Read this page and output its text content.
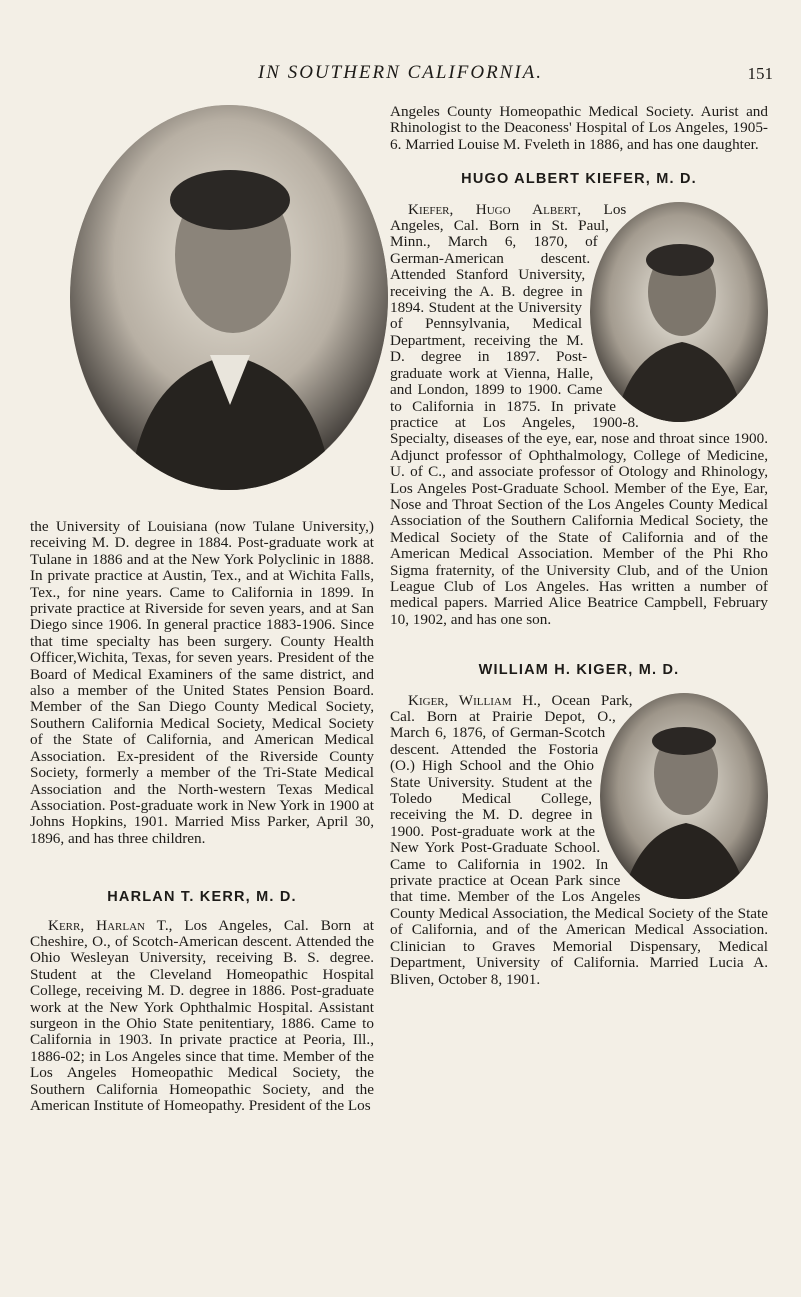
IN SOUTHERN CALIFORNIA.	151

the University of Louisiana (now Tulane University,) receiving M. D. degree in 1884. Post-graduate work at Tulane in 1886 and at the New York Polyclinic in 1888. In private practice at Austin, Tex., and at Wichita Falls, Tex., for nine years. Came to California in 1899. In private practice at Riverside for seven years, and at San Diego since 1906. In general practice 1883-1906. Since that time specialty has been surgery. County Health Officer,Wichita, Texas, for seven years. President of the Board of Medical Examiners of the same district, and also a member of the United States Pension Board. Member of the San Diego County Medical Society, Southern California Medical Society, Medical Society of the State of California, and American Medical Association. Ex-president of the Riverside County Society, formerly a member of the Tri-State Medical Association and the North-western Texas Medical Association. Post-graduate work in New York in 1900 at Johns Hopkins, 1901. Married Miss Parker, April 30, 1896, and has three children.

HARLAN T. KERR, M. D.

Kerr, Harlan T., Los Angeles, Cal. Born at Cheshire, O., of Scotch-American descent. Attended the Ohio Wesleyan University, receiving B. S. degree. Student at the Cleveland Homeopathic Hospital College, receiving M. D. degree in 1886. Post-graduate work at the New York Ophthalmic Hospital. Assistant surgeon in the Ohio State penitentiary, 1886. Came to California in 1903. In private practice at Peoria, Ill., 1886-02; in Los Angeles since that time. Member of the Los Angeles Homeopathic Medical Society, the Southern California Homeopathic Society, and the American Institute of Homeopathy. President of the Los

Angeles County Homeopathic Medical Society. Aurist and Rhinologist to the Deaconess' Hospital of Los Angeles, 1905-6. Married Louise M. Fveleth in 1886, and has one daughter.

HUGO ALBERT KIEFER, M. D.

Kiefer, Hugo Albert, Los Angeles, Cal. Born in St. Paul, Minn., March 6, 1870, of German-American descent. Attended Stanford University, receiving the A. B. degree in 1894. Student at the University of Pennsylvania, Medical Department, receiving the M. D. degree in 1897. Post-graduate work at Vienna, Halle, and London, 1899 to 1900. Came to California in 1875. In private practice at Los Angeles, 1900-8. Specialty, diseases of the eye, ear, nose and throat since 1900. Adjunct professor of Ophthalmology, College of Medicine, U. of C., and associate professor of Otology and Rhinology, Los Angeles Post-Graduate School. Member of the Eye, Ear, Nose and Throat Section of the Los Angeles County Medical Association of the Southern California Medical Society, the Medical Society of the State of California and of the American Medical Association. Member of the Phi Rho Sigma fraternity, of the University Club, and of the Union League Club of Los Angeles. Has written a number of medical papers. Married Alice Beatrice Campbell, February 10, 1902, and has one son.

WILLIAM H. KIGER, M. D.

Kiger, William H., Ocean Park, Cal. Born at Prairie Depot, O., March 6, 1876, of German-Scotch descent. Attended the Fostoria (O.) High School and the Ohio State University. Student at the Toledo Medical College, receiving the M. D. degree in 1900. Post-graduate work at the New York Post-Graduate School. Came to California in 1902. In private practice at Ocean Park since that time. Member of the Los Angeles County Medical Association, the Medical Society of the State of California, and of the American Medical Association. Clinician to Graves Memorial Dispensary, Medical Department, University of California. Married Lucia A. Bliven, October 8, 1901.
